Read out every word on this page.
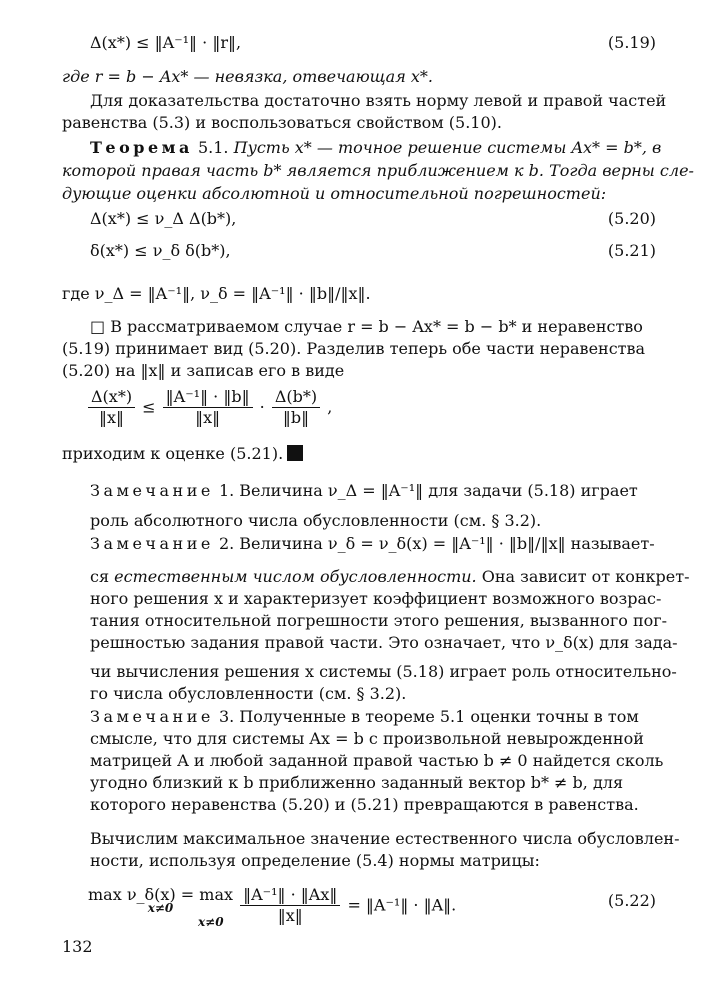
Δ(x*) ≤ ‖A⁻¹‖ · ‖r‖,	(5.19)
где r = b − Ax* — невязка, отвечающая x*.
Для доказательства достаточно взять норму левой и правой частей
равенства (5.3) и воспользоваться свойством (5.10).
Теорема 5.1. Пусть x* — точное решение системы Ax* = b*, в
которой правая часть b* является приближением к b. Тогда верны сле-
дующие оценки абсолютной и относительной погрешностей:
Δ(x*) ≤ ν_Δ Δ(b*),	(5.20)
δ(x*) ≤ ν_δ δ(b*),	(5.21)
где ν_Δ = ‖A⁻¹‖, ν_δ = ‖A⁻¹‖ · ‖b‖/‖x‖.
□ В рассматриваемом случае r = b − Ax* = b − b* и неравенство
(5.19) принимает вид (5.20). Разделив теперь обе части неравенства
(5.20) на ‖x‖ и записав его в виде
$\frac{\Delta(x*)}{‖x‖} \le \frac{\text{‖A⁻¹‖ · ‖b‖}}{‖x‖} \cdot \frac{\Delta(b*)}{‖b‖}$ ,
приходим к оценке (5.21).
Замечание 1. Величина ν_Δ = ‖A⁻¹‖ для задачи (5.18) играет
роль абсолютного числа обусловленности (см. § 3.2).
Замечание 2. Величина ν_δ = ν_δ(x) = ‖A⁻¹‖ · ‖b‖/‖x‖ называет-
ся естественным числом обусловленности. Она зависит от конкрет-
ного решения x и характеризует коэффициент возможного возрас-
тания относительной погрешности этого решения, вызванного пог-
решностью задания правой части. Это означает, что ν_δ(x) для зада-
чи вычисления решения x системы (5.18) играет роль относительно-
го числа обусловленности (см. § 3.2).
Замечание 3. Полученные в теореме 5.1 оценки точны в том
смысле, что для системы Ax = b с произвольной невырожденной
матрицей A и любой заданной правой частью b ≠ 0 найдется сколь
угодно близкий к b приближенно заданный вектор b* ≠ b, для
которого неравенства (5.20) и (5.21) превращаются в равенства.
Вычислим максимальное значение естественного числа обусловлен-
ности, используя определение (5.4) нормы матрицы:
max ν_δ(x) = max
x≠0
	$\frac{\text{‖A⁻¹‖ · ‖Ax‖}}{‖x‖}$ = ‖A⁻¹‖ · ‖A‖.
x≠0
(5.22)
132
